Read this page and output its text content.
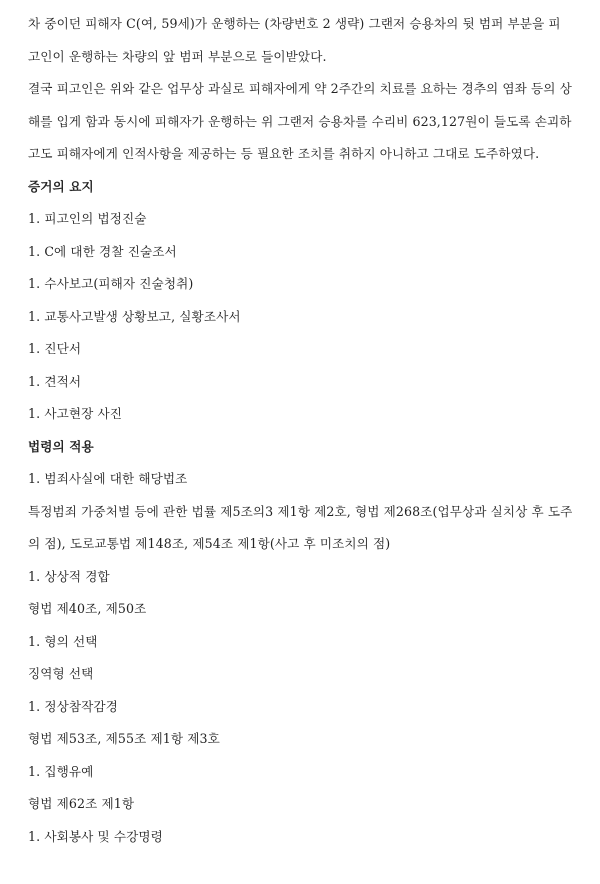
차 중이던 피해자 C(여, 59세)가 운행하는 (차량번호 2 생략) 그랜저 승용차의 뒷 범퍼 부분을 피
고인이 운행하는 차량의 앞 범퍼 부분으로 들이받았다.
결국 피고인은 위와 같은 업무상 과실로 피해자에게 약 2주간의 치료를 요하는 경추의 염좌 등의 상
해를 입게 함과 동시에 피해자가 운행하는 위 그랜저 승용차를 수리비 623,127원이 들도록 손괴하
고도 피해자에게 인적사항을 제공하는 등 필요한 조치를 취하지 아니하고 그대로 도주하였다.
증거의 요지
1. 피고인의 법정진술
1. C에 대한 경찰 진술조서
1. 수사보고(피해자 진술청취)
1. 교통사고발생 상황보고, 실황조사서
1. 진단서
1. 견적서
1. 사고현장 사진
법령의 적용
1. 범죄사실에 대한 해당법조
특정범죄 가중처벌 등에 관한 법률 제5조의3 제1항 제2호, 형법 제268조(업무상과 실치상 후 도주
의 점), 도로교통법 제148조, 제54조 제1항(사고 후 미조치의 점)
1. 상상적 경합
형법 제40조, 제50조
1. 형의 선택
징역형 선택
1. 정상참작감경
형법 제53조, 제55조 제1항 제3호
1. 집행유예
형법 제62조 제1항
1. 사회봉사 및 수강명령
